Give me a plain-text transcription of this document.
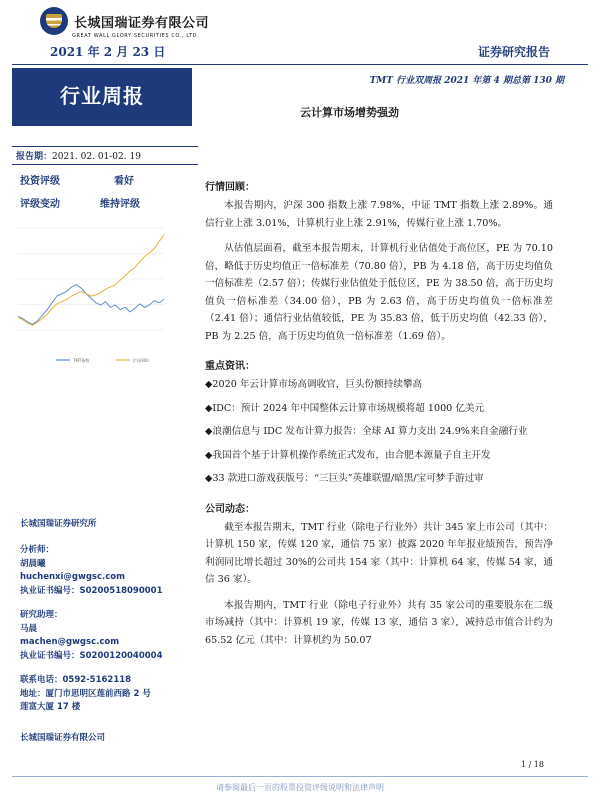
长城国瑞证券有限公司
GREAT WALL GLORY SECURITIES CO., LTD.
2021 年 2 月 23 日	证券研究报告
行业周报
TMT 行业双周报 2021 年第 4 期总第 130 期
云计算市场增势强劲
报告期：2021. 02. 01-02. 19
投资评级	看好
评级变动	维持评级
TMT指数	沪深300
长城国瑞证券研究所
分析师：
胡晨曦
huchenxi@gwgsc.com
执业证书编号：S0200518090001
研究助理：
马晨
machen@gwgsc.com
执业证书编号：S0200120040004
联系电话：0592-5162118
地址：厦门市思明区莲前西路 2 号
莲富大厦 17 楼
长城国瑞证券有限公司
行情回顾：
本报告期内，沪深 300 指数上涨 7.98%，中证 TMT 指数上涨 2.89%。通信行业上涨 3.01%，计算机行业上涨 2.91%，传媒行业上涨 1.70%。
从估值层面看，截至本报告期末，计算机行业估值处于高位区，PE 为 70.10 倍，略低于历史均值正一倍标准差（70.80 倍），PB 为 4.18 倍，高于历史均值负一倍标准差（2.57 倍）；传媒行业估值处于低位区，PE 为 38.50 倍，高于历史均值负一倍标准差（34.00 倍），PB 为 2.63 倍，高于历史均值负一倍标准差（2.41 倍）；通信行业估值较低，PE 为 35.83 倍，低于历史均值（42.33 倍），PB 为 2.25 倍，高于历史均值负一倍标准差（1.69 倍）。
重点资讯：
◆2020 年云计算市场高调收官，巨头份额持续攀高
◆IDC：预计 2024 年中国整体云计算市场规模将超 1000 亿美元
◆浪潮信息与 IDC 发布计算力报告：全球 AI 算力支出 24.9%来自金融行业
◆我国首个基于计算机操作系统正式发布，由合肥本源量子自主开发
◆33 款进口游戏获版号：“三巨头”英雄联盟/暗黑/宝可梦手游过审
公司动态：
截至本报告期末，TMT 行业（除电子行业外）共计 345 家上市公司（其中：计算机 150 家，传媒 120 家，通信 75 家）披露 2020 年年报业绩预告，预告净利润同比增长超过 30%的公司共 154 家（其中：计算机 64 家，传媒 54 家，通信 36 家）。
本报告期内，TMT 行业（除电子行业外）共有 35 家公司的重要股东在二级市场减持（其中：计算机 19 家，传媒 13 家，通信 3 家），减持总市值合计约为 65.52 亿元（其中：计算机约为 50.07
1 / 18
请参阅最后一页的股票投资评级说明和法律声明
